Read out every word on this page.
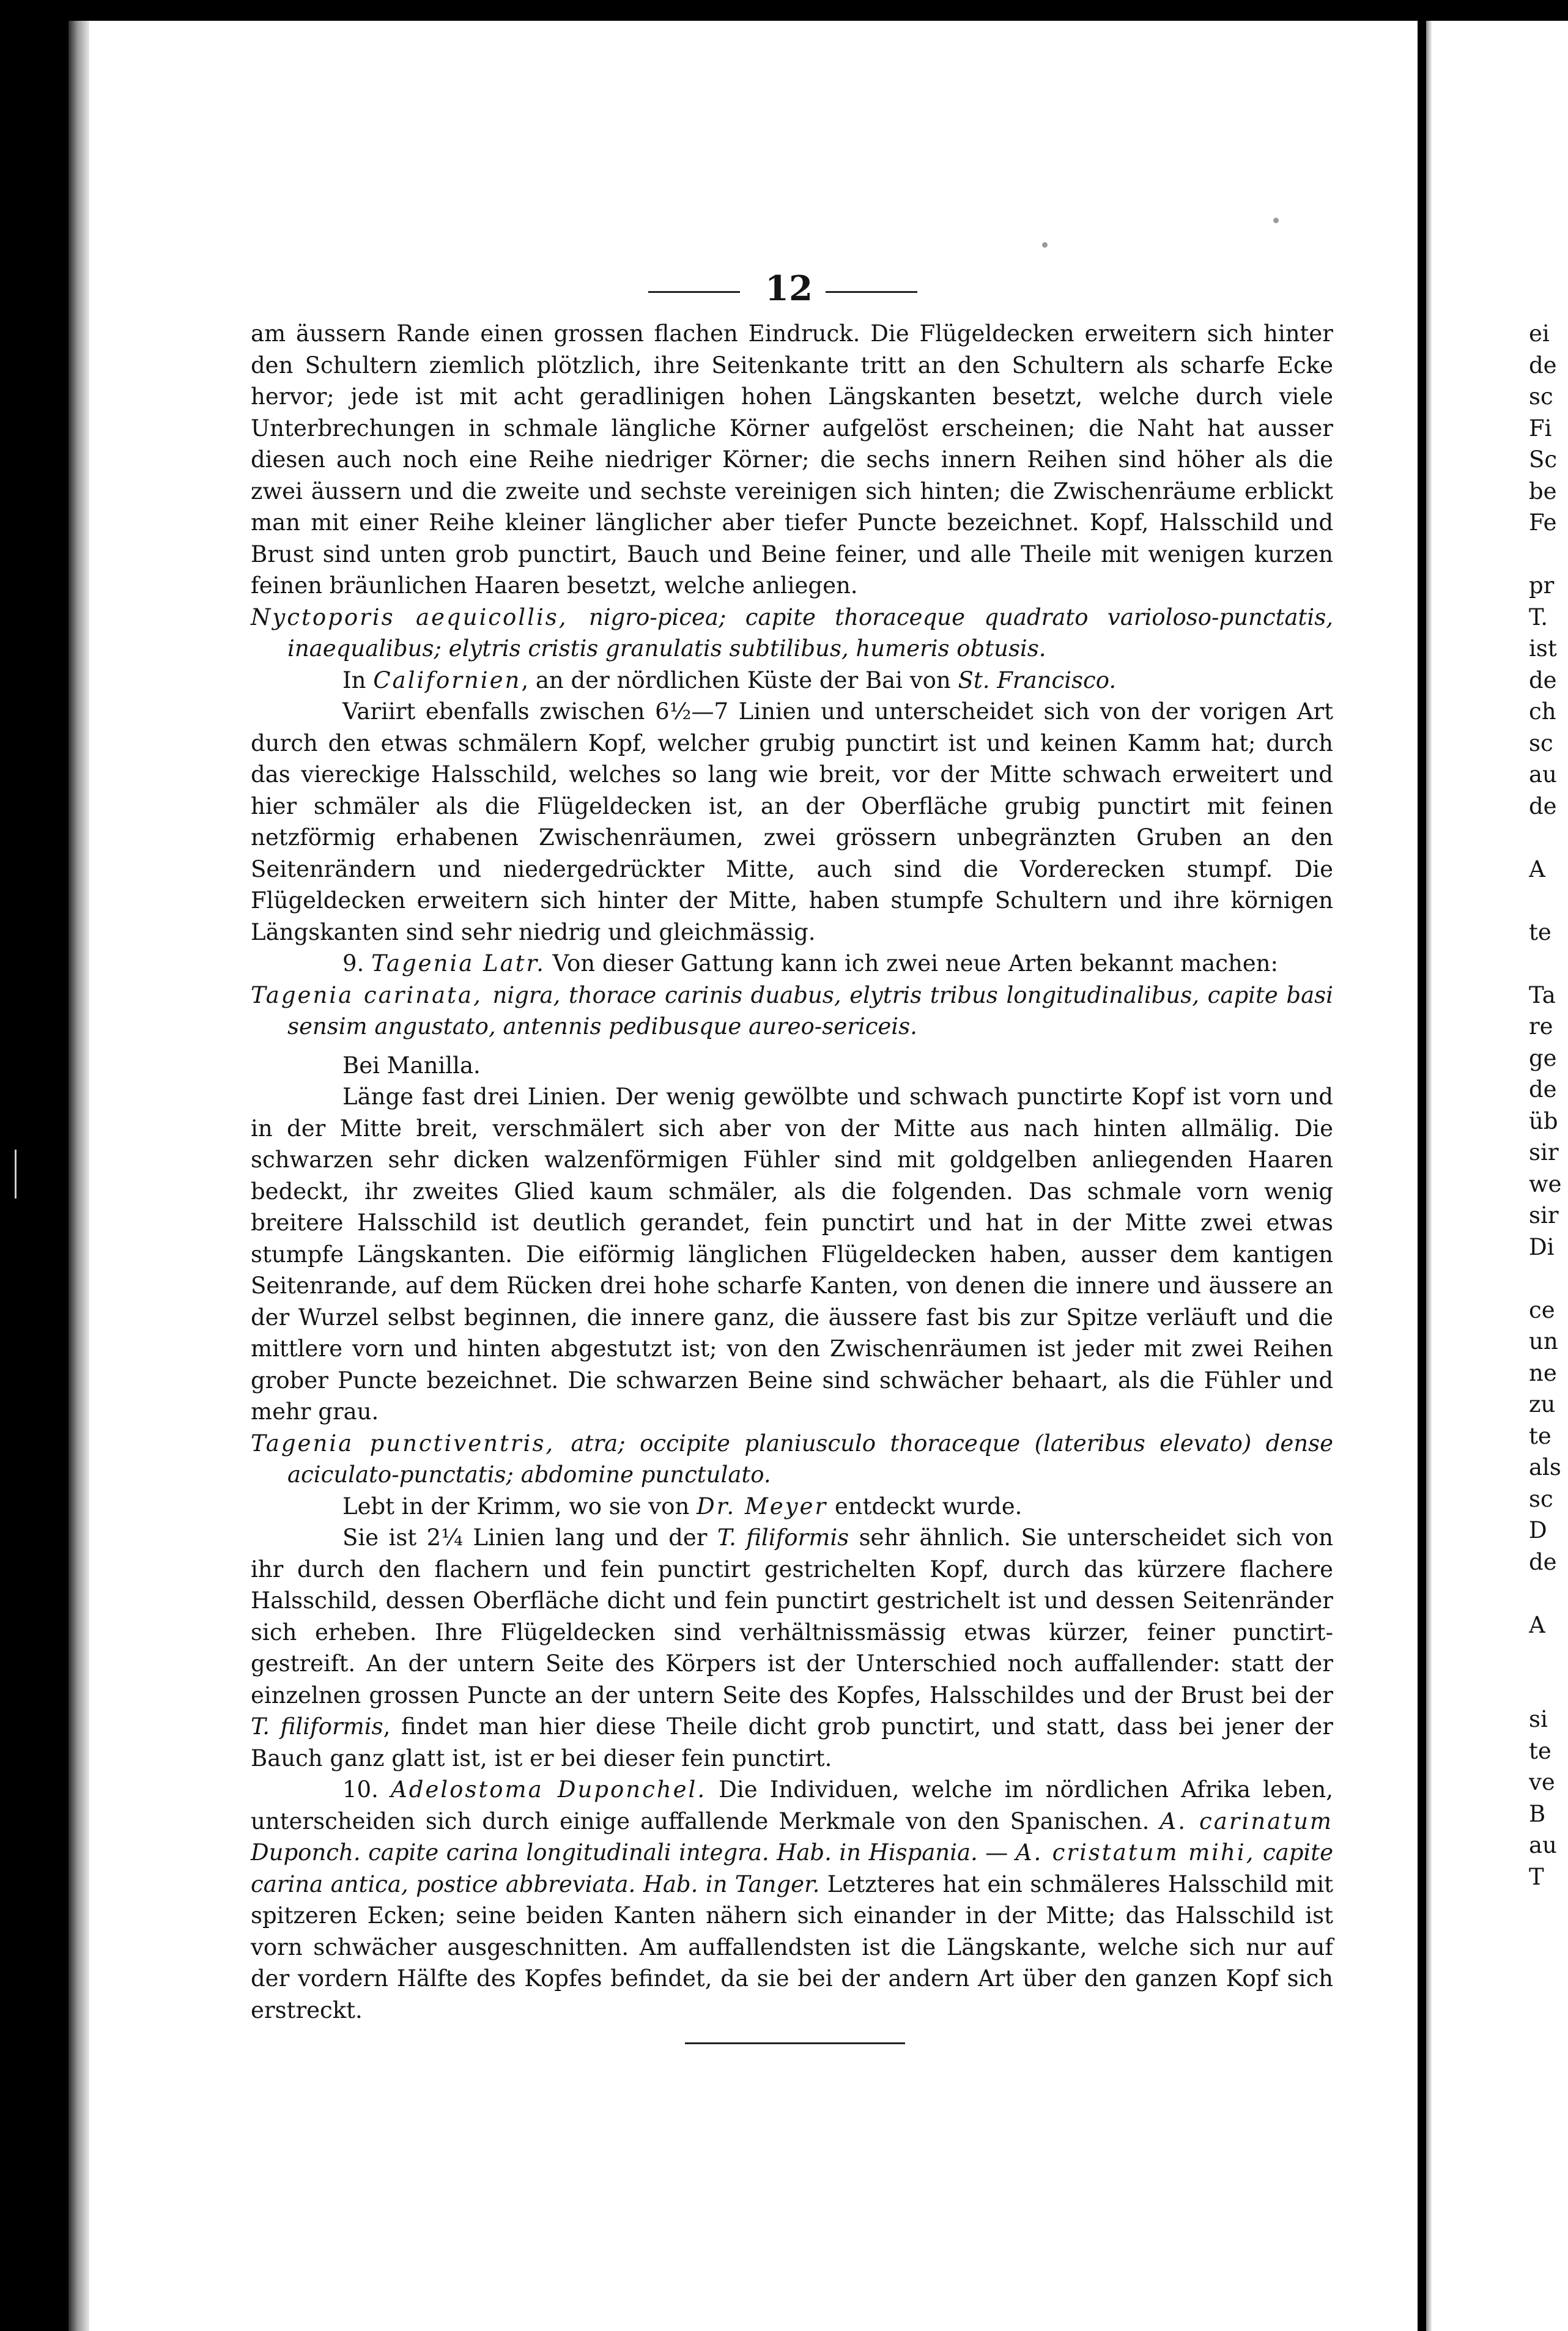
12

am äussern Rande einen grossen flachen Eindruck. Die Flügeldecken erweitern sich hinter den Schultern ziemlich plötzlich, ihre Seitenkante tritt an den Schultern als scharfe Ecke hervor; jede ist mit acht geradlinigen hohen Längskanten besetzt, welche durch viele Unterbrechungen in schmale längliche Körner aufgelöst erscheinen; die Naht hat ausser diesen auch noch eine Reihe niedriger Körner; die sechs innern Reihen sind höher als die zwei äussern und die zweite und sechste vereinigen sich hinten; die Zwischenräume erblickt man mit einer Reihe kleiner länglicher aber tiefer Puncte bezeichnet. Kopf, Halsschild und Brust sind unten grob punctirt, Bauch und Beine feiner, und alle Theile mit wenigen kurzen feinen bräunlichen Haaren besetzt, welche anliegen.

Nyctoporis aequicollis, nigro-picea; capite thoraceque quadrato varioloso-punctatis, inaequalibus; elytris cristis granulatis subtilibus, humeris obtusis.

In Californien, an der nördlichen Küste der Bai von St. Francisco.

Variirt ebenfalls zwischen 6½—7 Linien und unterscheidet sich von der vorigen Art durch den etwas schmälern Kopf, welcher grubig punctirt ist und keinen Kamm hat; durch das viereckige Halsschild, welches so lang wie breit, vor der Mitte schwach erweitert und hier schmäler als die Flügeldecken ist, an der Oberfläche grubig punctirt mit feinen netzförmig erhabenen Zwischenräumen, zwei grössern unbegränzten Gruben an den Seitenrändern und niedergedrückter Mitte, auch sind die Vorderecken stumpf. Die Flügeldecken erweitern sich hinter der Mitte, haben stumpfe Schultern und ihre körnigen Längskanten sind sehr niedrig und gleichmässig.

9. Tagenia Latr. Von dieser Gattung kann ich zwei neue Arten bekannt machen:

Tagenia carinata, nigra, thorace carinis duabus, elytris tribus longitudinalibus, capite basi sensim angustato, antennis pedibusque aureo-sericeis.

Bei Manilla.

Länge fast drei Linien. Der wenig gewölbte und schwach punctirte Kopf ist vorn und in der Mitte breit, verschmälert sich aber von der Mitte aus nach hinten allmälig. Die schwarzen sehr dicken walzenförmigen Fühler sind mit goldgelben anliegenden Haaren bedeckt, ihr zweites Glied kaum schmäler, als die folgenden. Das schmale vorn wenig breitere Halsschild ist deutlich gerandet, fein punctirt und hat in der Mitte zwei etwas stumpfe Längskanten. Die eiförmig länglichen Flügeldecken haben, ausser dem kantigen Seitenrande, auf dem Rücken drei hohe scharfe Kanten, von denen die innere und äussere an der Wurzel selbst beginnen, die innere ganz, die äussere fast bis zur Spitze verläuft und die mittlere vorn und hinten abgestutzt ist; von den Zwischenräumen ist jeder mit zwei Reihen grober Puncte bezeichnet. Die schwarzen Beine sind schwächer behaart, als die Fühler und mehr grau.

Tagenia punctiventris, atra; occipite planiusculo thoraceque (lateribus elevato) dense aciculato-punctatis; abdomine punctulato.

Lebt in der Krimm, wo sie von Dr. Meyer entdeckt wurde.

Sie ist 2¼ Linien lang und der T. filiformis sehr ähnlich. Sie unterscheidet sich von ihr durch den flachern und fein punctirt gestrichelten Kopf, durch das kürzere flachere Halsschild, dessen Oberfläche dicht und fein punctirt gestrichelt ist und dessen Seitenränder sich erheben. Ihre Flügeldecken sind verhältnissmässig etwas kürzer, feiner punctirt-gestreift. An der untern Seite des Körpers ist der Unterschied noch auffallender: statt der einzelnen grossen Puncte an der untern Seite des Kopfes, Halsschildes und der Brust bei der T. filiformis, findet man hier diese Theile dicht grob punctirt, und statt, dass bei jener der Bauch ganz glatt ist, ist er bei dieser fein punctirt.

10. Adelostoma Duponchel. Die Individuen, welche im nördlichen Afrika leben, unterscheiden sich durch einige auffallende Merkmale von den Spanischen. A. carinatum Duponch. capite carina longitudinali integra. Hab. in Hispania. — A. cristatum mihi, capite carina antica, postice abbreviata. Hab. in Tanger. Letzteres hat ein schmäleres Halsschild mit spitzeren Ecken; seine beiden Kanten nähern sich einander in der Mitte; das Halsschild ist vorn schwächer ausgeschnitten. Am auffallendsten ist die Längskante, welche sich nur auf der vordern Hälfte des Kopfes befindet, da sie bei der andern Art über den ganzen Kopf sich erstreckt.

ei
de
sc
Fi
Sc
be
Fe

pr
T.
ist
de
ch
sc
au
de

A

te

Ta
re
ge
de
üb
sir
we
sir
Di

ce
un
ne
zu
te
als
sc
D
de

A

si
te
ve
B
au
T
